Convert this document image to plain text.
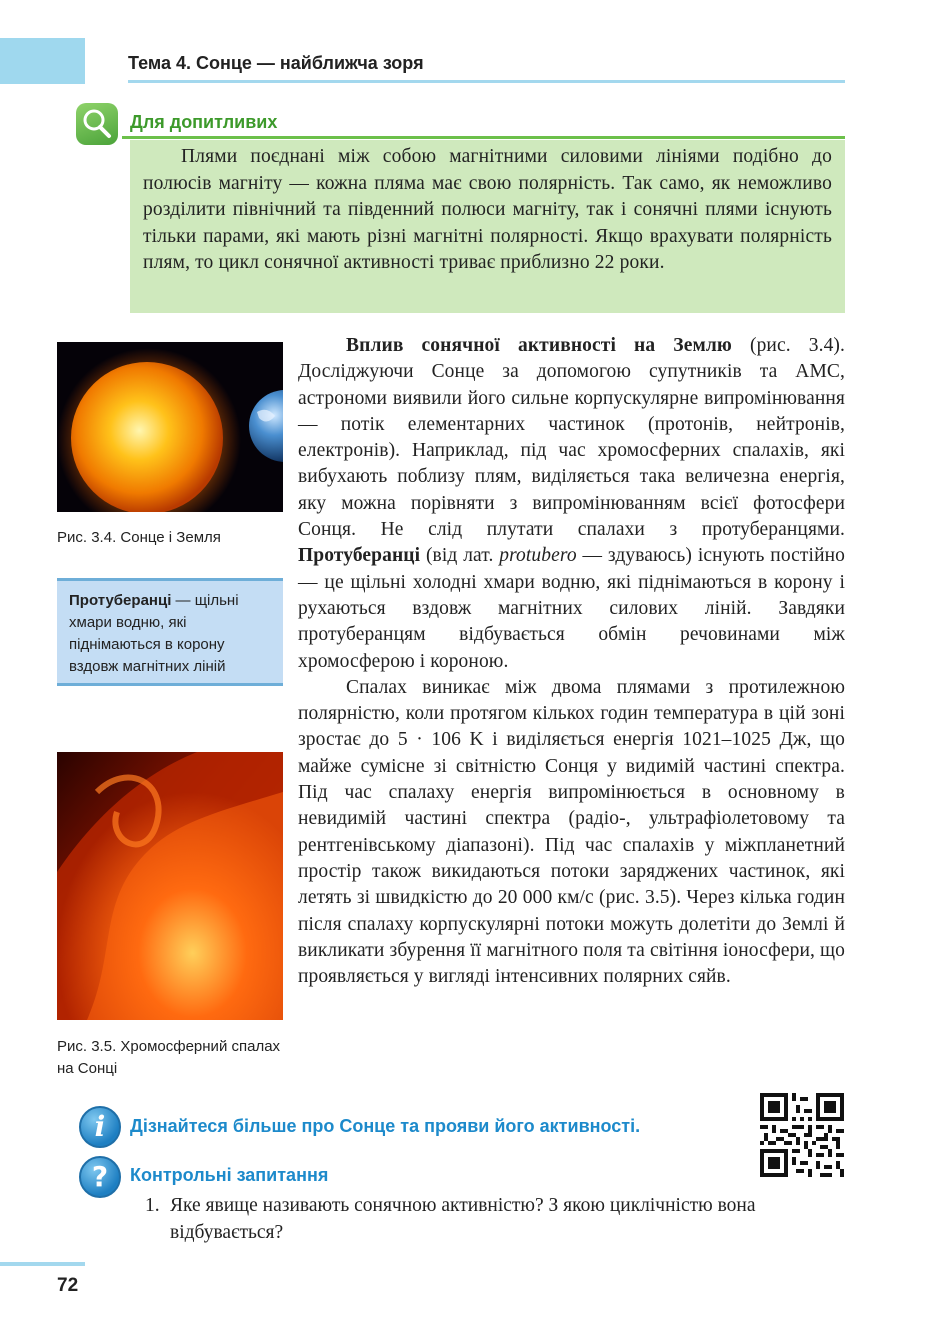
Тема 4. Сонце — найближча зоря
Для допитливих

Плями поєднані між собою магнітними силовими лініями подібно до полюсів магніту — кожна пляма має свою полярність. Так само, як неможливо розділити північний та південний полюси магніту, так і сонячні плями існують тільки парами, які мають різні магнітні полярності. Якщо врахувати полярність плям, то цикл сонячної активності триває приблизно 22 роки.

Рис. 3.4. Сонце і Земля
Протуберанці — щільні хмари водню, які піднімаються в корону вздовж магнітних ліній
Рис. 3.5. Хромосферний спалах на Сонці

Вплив сонячної активності на Землю (рис. 3.4). Досліджуючи Сонце за допомогою супутників та АМС, астрономи виявили його сильне корпускулярне випромінювання — потік елементарних частинок (протонів, нейтронів, електронів). Наприклад, під час хромосферних спалахів, які вибухають поблизу плям, виділяється така величезна енергія, яку можна порівняти з випромінюванням всієї фотосфери Сонця. Не слід плутати спалахи з протуберанцями. Протуберанці (від лат. protubero — здуваюсь) існують постійно — це щільні холодні хмари водню, які піднімаються в корону і рухаються вздовж магнітних силових ліній. Завдяки протуберанцям відбувається обмін речовинами між хромосферою і короною.

Спалах виникає між двома плямами з протилежною полярністю, коли протягом кількох годин температура в цій зоні зростає до 5 · 106 K і виділяється енергія 1021–1025 Дж, що майже сумісне зі світністю Сонця у видимій частині спектра. Під час спалаху енергія випромінюється в основному в невидимій частині спектра (радіо-, ультрафіолетовому та рентгенівському діапазоні). Під час спалахів у міжпланетний простір також викидаються потоки заряджених частинок, які летять зі швидкістю до 20 000 км/с (рис. 3.5). Через кілька годин після спалаху корпускулярні потоки можуть долетіти до Землі й викликати збурення її магнітного поля та світіння іоносфери, що проявляється у вигляді інтенсивних полярних сяйв.

i	Дізнайтеся більше про Сонце та прояви його активності.
?	Контрольні запитання
1. Яке явище називають сонячною активністю? З якою циклічністю вона відбувається?
72
